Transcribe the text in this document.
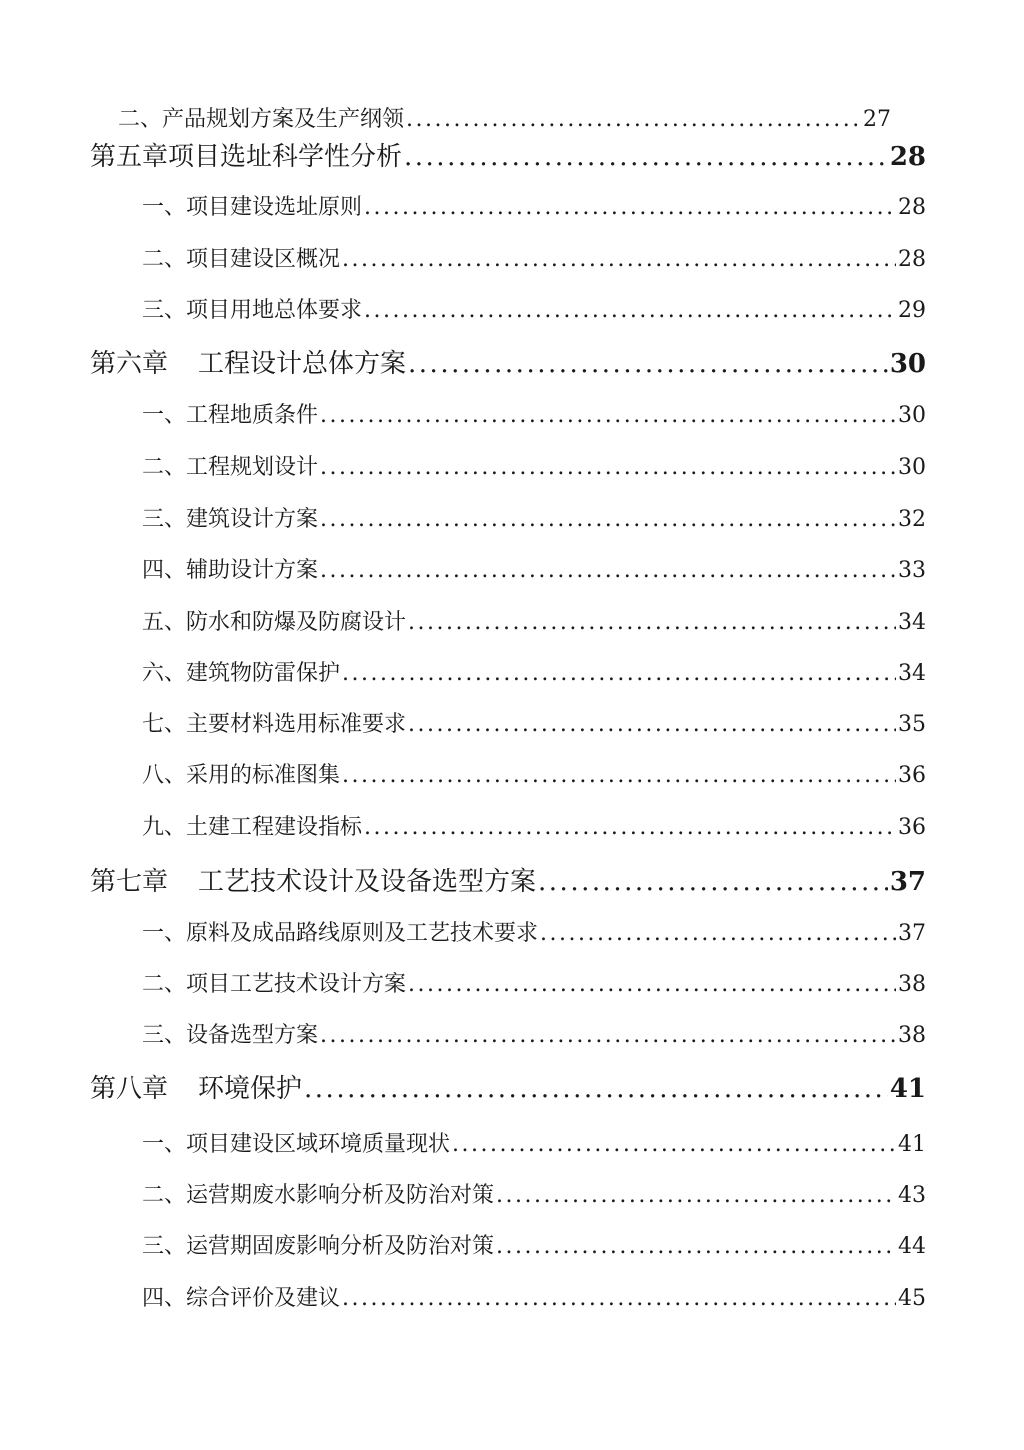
二、产品规划方案及生产纲领 .....	27
第五章项目选址科学性分析 .....	28
一、项目建设选址原则 .....	28
二、项目建设区概况 .....	28
三、项目用地总体要求 .....	29
第六章 工程设计总体方案 .....	30
一、工程地质条件 .....	30
二、工程规划设计 .....	30
三、建筑设计方案 .....	32
四、辅助设计方案 .....	33
五、防水和防爆及防腐设计 .....	34
六、建筑物防雷保护 .....	34
七、主要材料选用标准要求 .....	35
八、采用的标准图集 .....	36
九、土建工程建设指标 .....	36
第七章 工艺技术设计及设备选型方案 .....	37
一、原料及成品路线原则及工艺技术要求 .....	37
二、项目工艺技术设计方案 .....	38
三、设备选型方案 .....	38
第八章 环境保护 .....	41
一、项目建设区域环境质量现状 .....	41
二、运营期废水影响分析及防治对策 .....	43
三、运营期固废影响分析及防治对策 .....	44
四、综合评价及建议 .....	45
